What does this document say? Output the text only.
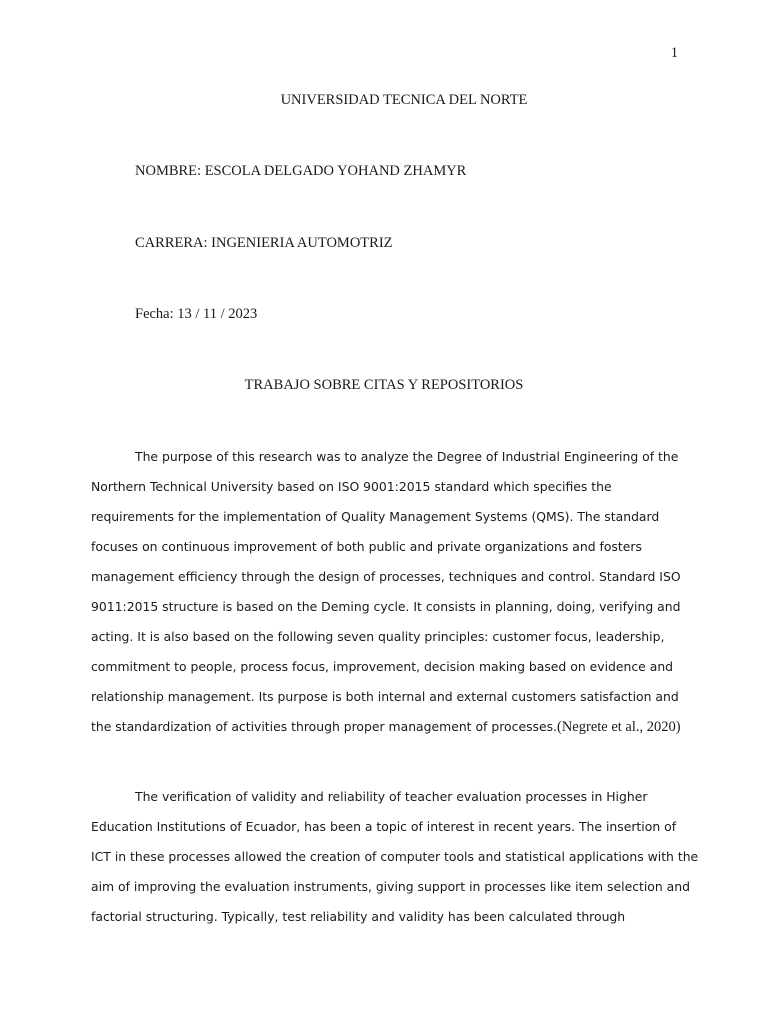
1
UNIVERSIDAD TECNICA DEL NORTE
NOMBRE: ESCOLA DELGADO YOHAND ZHAMYR
CARRERA: INGENIERIA AUTOMOTRIZ
Fecha: 13 / 11 / 2023
TRABAJO SOBRE CITAS Y REPOSITORIOS
The purpose of this research was to analyze the Degree of Industrial Engineering of the
Northern Technical University based on ISO 9001:2015 standard which specifies the
requirements for the implementation of Quality Management Systems (QMS). The standard
focuses on continuous improvement of both public and private organizations and fosters
management efficiency through the design of processes, techniques and control. Standard ISO
9011:2015 structure is based on the Deming cycle. It consists in planning, doing, verifying and
acting. It is also based on the following seven quality principles: customer focus, leadership,
commitment to people, process focus, improvement, decision making based on evidence and
relationship management. Its purpose is both internal and external customers satisfaction and
the standardization of activities through proper management of processes.(Negrete et al., 2020)
The verification of validity and reliability of teacher evaluation processes in Higher
Education Institutions of Ecuador, has been a topic of interest in recent years. The insertion of
ICT in these processes allowed the creation of computer tools and statistical applications with the
aim of improving the evaluation instruments, giving support in processes like item selection and
factorial structuring. Typically, test reliability and validity has been calculated through
